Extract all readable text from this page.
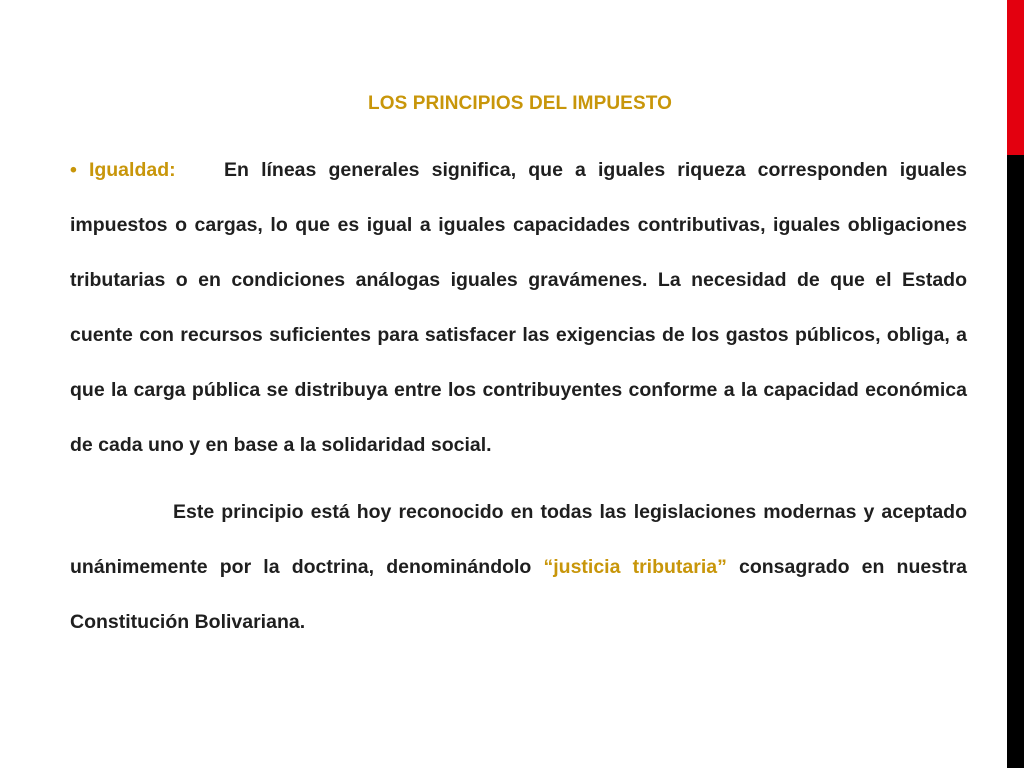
LOS PRINCIPIOS DEL IMPUESTO

• Igualdad: En líneas generales significa, que a iguales riqueza corresponden iguales impuestos o cargas, lo que es igual a iguales capacidades contributivas, iguales obligaciones tributarias o en condiciones análogas iguales gravámenes. La necesidad de que el Estado cuente con recursos suficientes para satisfacer las exigencias de los gastos públicos, obliga, a que la carga pública se distribuya entre los contribuyentes conforme a la capacidad económica de cada uno y en base a la solidaridad social.

Este principio está hoy reconocido en todas las legislaciones modernas y aceptado unánimemente por la doctrina, denominándolo “justicia tributaria” consagrado en nuestra Constitución Bolivariana.
